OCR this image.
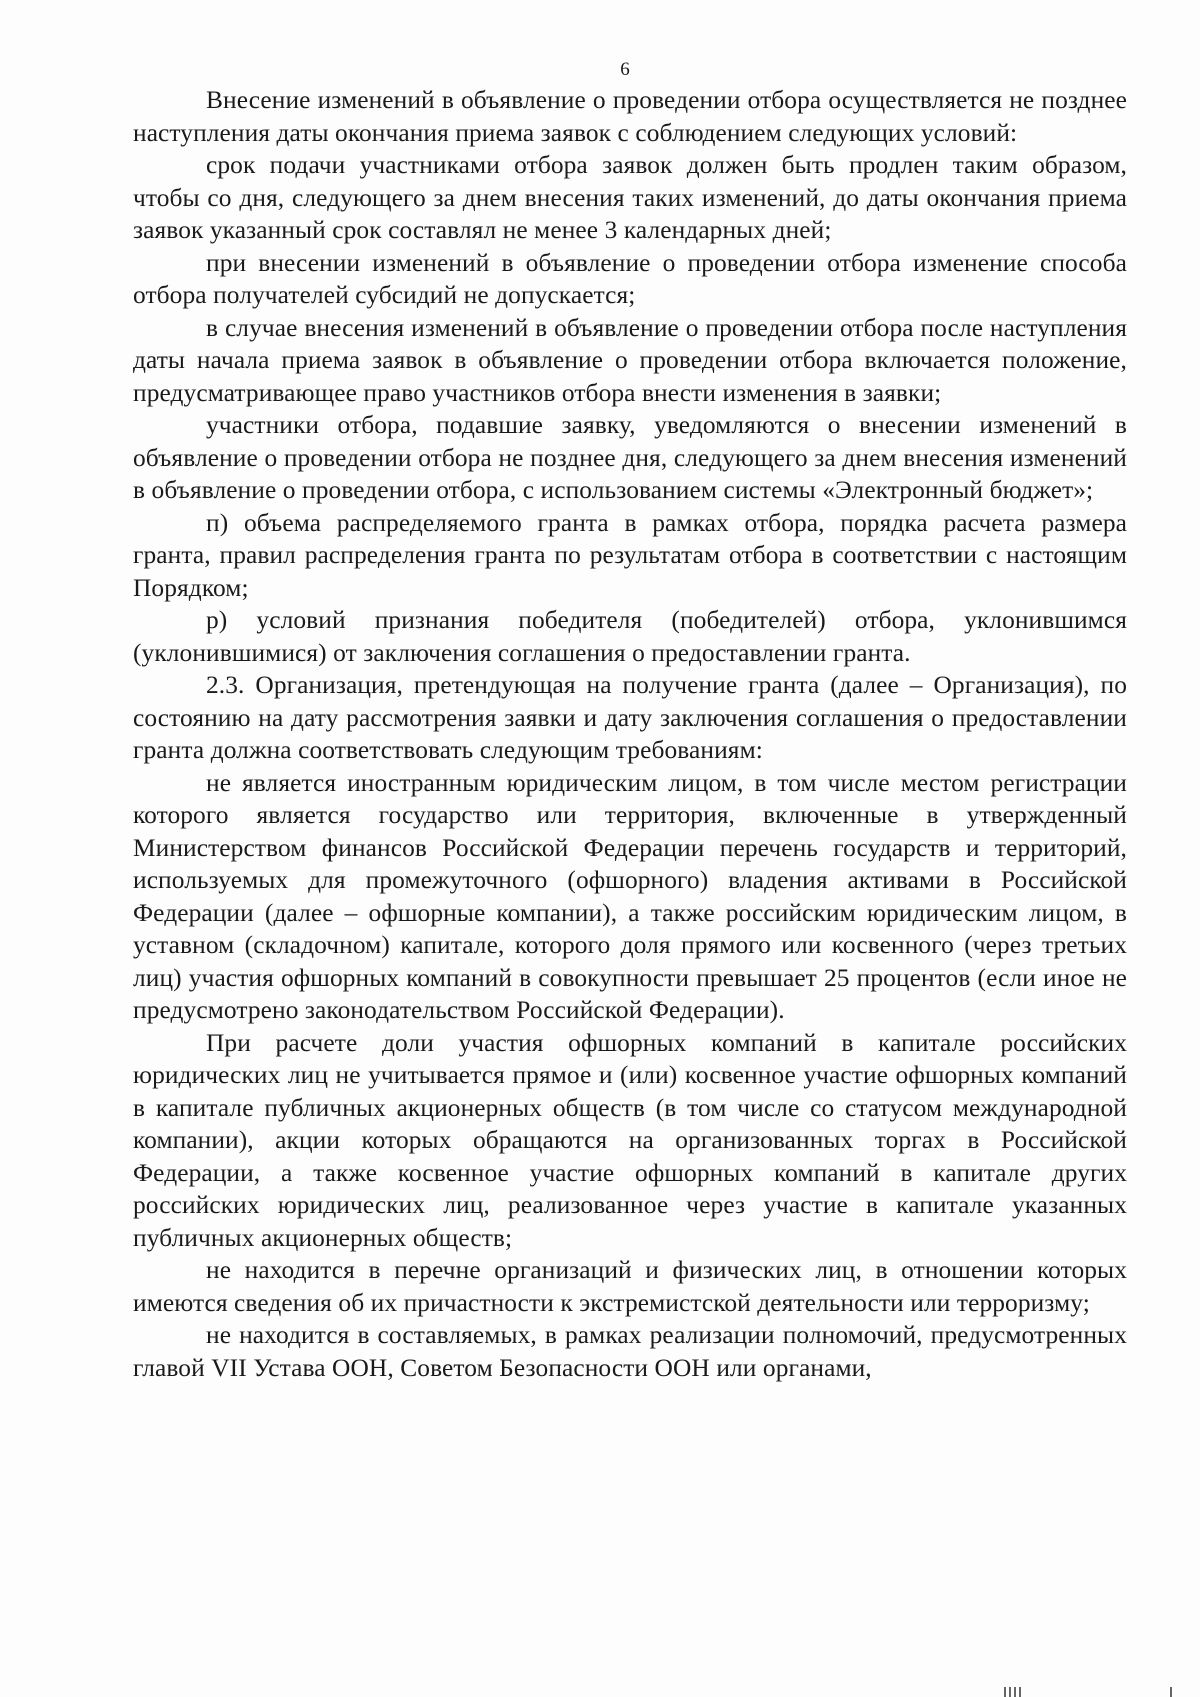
6

Внесение изменений в объявление о проведении отбора осуществляется не позднее наступления даты окончания приема заявок с соблюдением следующих условий:

срок подачи участниками отбора заявок должен быть продлен таким образом, чтобы со дня, следующего за днем внесения таких изменений, до даты окончания приема заявок указанный срок составлял не менее 3 календарных дней;

при внесении изменений в объявление о проведении отбора изменение способа отбора получателей субсидий не допускается;

в случае внесения изменений в объявление о проведении отбора после наступления даты начала приема заявок в объявление о проведении отбора включается положение, предусматривающее право участников отбора внести изменения в заявки;

участники отбора, подавшие заявку, уведомляются о внесении изменений в объявление о проведении отбора не позднее дня, следующего за днем внесения изменений в объявление о проведении отбора, с использованием системы «Электронный бюджет»;

п) объема распределяемого гранта в рамках отбора, порядка расчета размера гранта, правил распределения гранта по результатам отбора в соответствии с настоящим Порядком;

р) условий признания победителя (победителей) отбора, уклонившимся (уклонившимися) от заключения соглашения о предоставлении гранта.

2.3. Организация, претендующая на получение гранта (далее – Организация), по состоянию на дату рассмотрения заявки и дату заключения соглашения о предоставлении гранта должна соответствовать следующим требованиям:

не является иностранным юридическим лицом, в том числе местом регистрации которого является государство или территория, включенные в утвержденный Министерством финансов Российской Федерации перечень государств и территорий, используемых для промежуточного (офшорного) владения активами в Российской Федерации (далее – офшорные компании), а также российским юридическим лицом, в уставном (складочном) капитале, которого доля прямого или косвенного (через третьих лиц) участия офшорных компаний в совокупности превышает 25 процентов (если иное не предусмотрено законодательством Российской Федерации).

При расчете доли участия офшорных компаний в капитале российских юридических лиц не учитывается прямое и (или) косвенное участие офшорных компаний в капитале публичных акционерных обществ (в том числе со статусом международной компании), акции которых обращаются на организованных торгах в Российской Федерации, а также косвенное участие офшорных компаний в капитале других российских юридических лиц, реализованное через участие в капитале указанных публичных акционерных обществ;

не находится в перечне организаций и физических лиц, в отношении которых имеются сведения об их причастности к экстремистской деятельности или терроризму;

не находится в составляемых, в рамках реализации полномочий, предусмотренных главой VII Устава ООН, Советом Безопасности ООН или органами,
